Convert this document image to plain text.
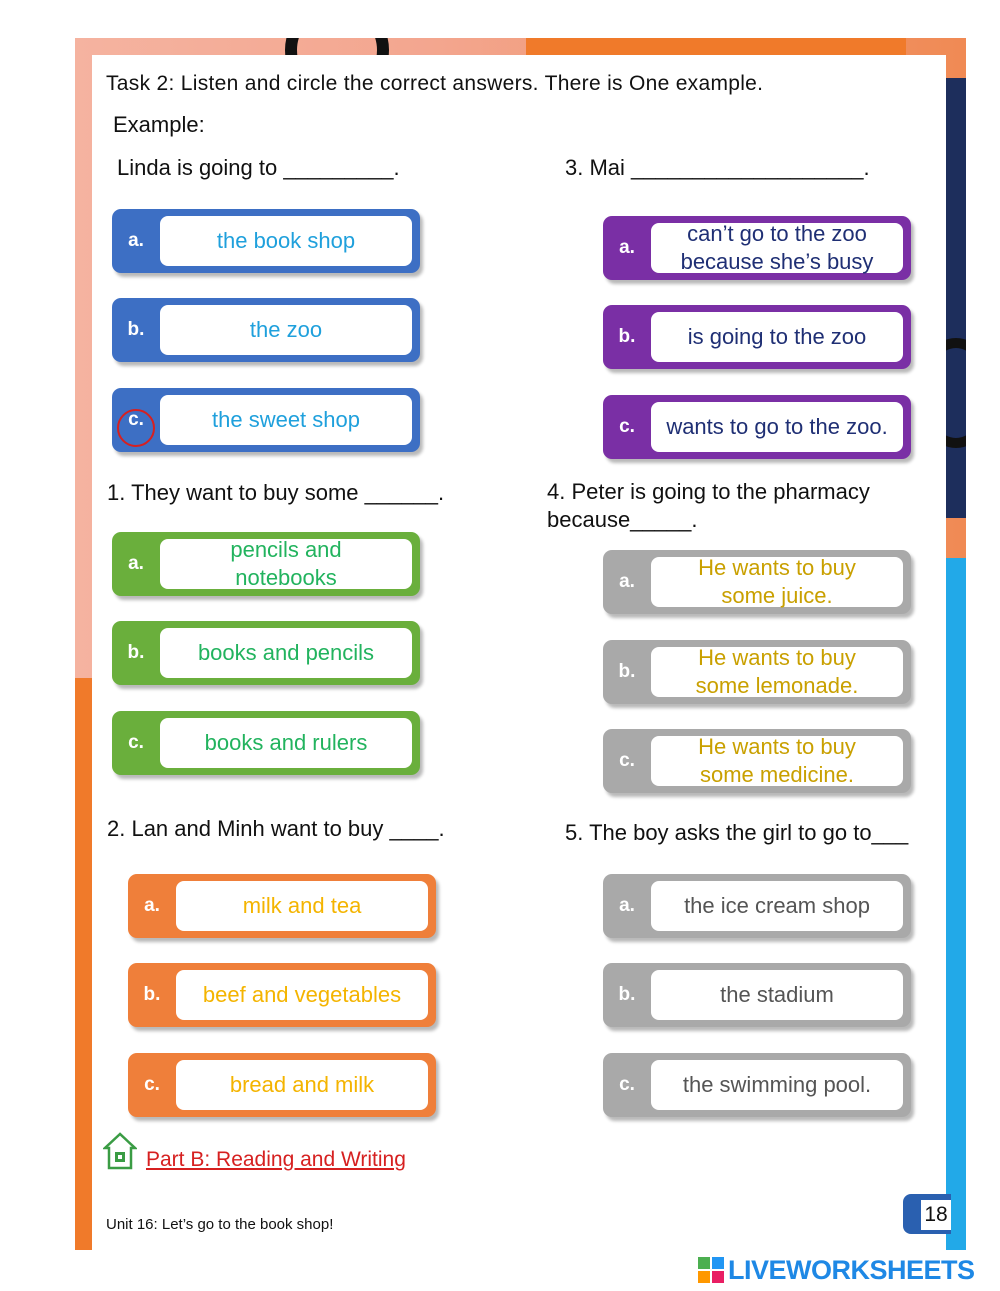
Task 2: Listen and circle the correct answers. There is One example.
Example:
Linda is going to _________.
a.	the book shop
b.	the zoo
c.	the sweet shop
1. They want to buy some ______.
a.
pencils and notebooks
b.	books and pencils
c.	books and rulers
2. Lan and Minh want to buy ____.
a.	milk and tea
b.	beef and vegetables
c.	bread and milk
3. Mai ___________________.
a.
can’t go to the zoo because she’s busy
b.	is going to the zoo
c.	wants to go to the zoo.
4. Peter is going to the pharmacy because_____.
a.
He wants to buy some juice.
b.
He wants to buy some lemonade.
c.
He wants to buy some medicine.
5. The boy asks the girl to go to___
a.	the ice cream shop
b.	the stadium
c.	the swimming pool.
Part B: Reading and Writing
Unit 16: Let’s go to the book shop!	18
LIVEWORKSHEETS
